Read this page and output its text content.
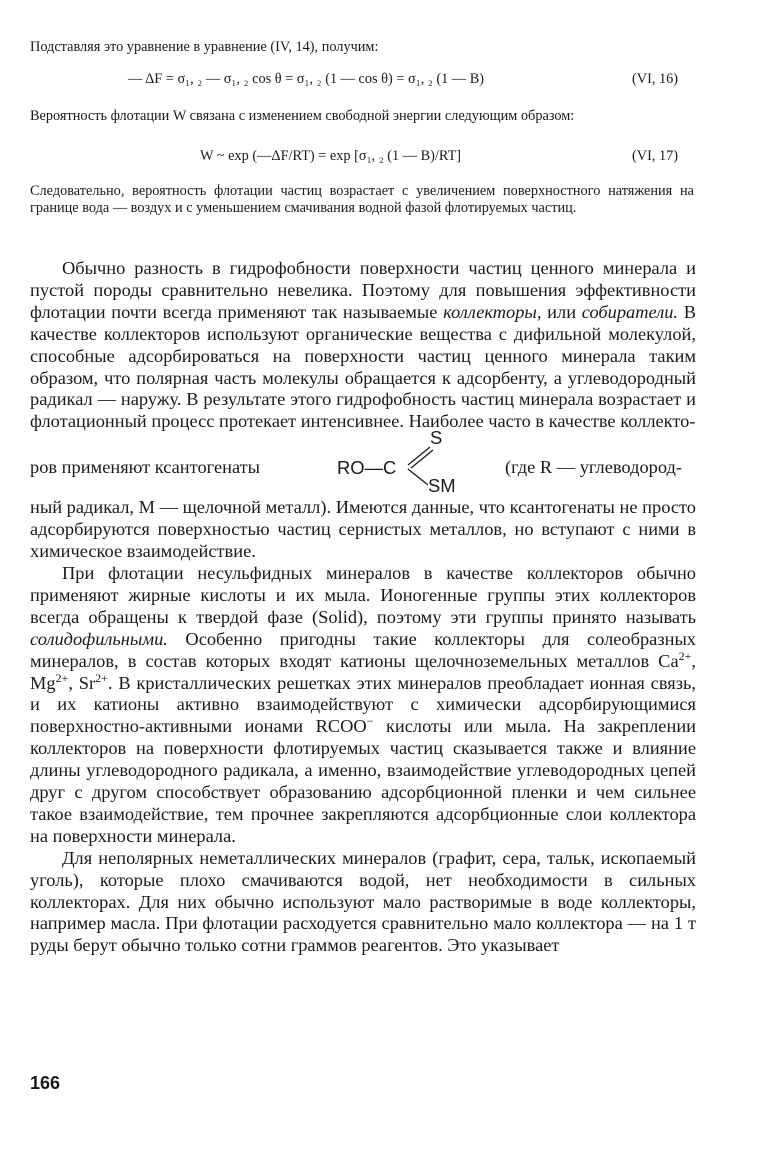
Подставляя это уравнение в уравнение (IV, 14), получим:

— ΔF = σ₁, ₂ — σ₁, ₂ cos θ = σ₁, ₂ (1 — cos θ) = σ₁, ₂ (1 — B)	(VI, 16)

Вероятность флотации W связана с изменением свободной энергии следующим образом:

W ~ exp (—ΔF/RT) = exp [σ₁, ₂ (1 — B)/RT]	(VI, 17)

Следовательно, вероятность флотации частиц возрастает с увеличением поверхностного натяжения на границе вода — воздух и с уменьшением смачивания водной фазой флотируемых частиц.

Обычно разность в гидрофобности поверхности частиц ценного минерала и пустой породы сравнительно невелика. Поэтому для повышения эффективности флотации почти всегда применяют так называемые коллекторы, или собиратели. В качестве коллекторов используют органические вещества с дифильной молекулой, способные адсорбироваться на поверхности частиц ценного минерала таким образом, что полярная часть молекулы обращается к адсорбенту, а углеводородный радикал — наружу. В результате этого гидрофобность частиц минерала возрастает и флотационный процесс протекает интенсивнее. Наиболее часто в качестве коллекто-

ров применяют ксантогенаты	RO—C
S
SM
(где R — углеводород-

ный радикал, M — щелочной металл). Имеются данные, что ксантогенаты не просто адсорбируются поверхностью частиц сернистых металлов, но вступают с ними в химическое взаимодействие.

При флотации несульфидных минералов в качестве коллекторов обычно применяют жирные кислоты и их мыла. Ионогенные группы этих коллекторов всегда обращены к твердой фазе (Solid), поэтому эти группы принято называть солидофильными. Особенно пригодны такие коллекторы для солеобразных минералов, в состав которых входят катионы щелочноземельных металлов $Ca^{2+}$, $Mg^{2+}$, $Sr^{2+}$. В кристаллических решетках этих минералов преобладает ионная связь, и их катионы активно взаимодействуют с химически адсорбирующимися поверхностно-активными ионами RCOO− кислоты или мыла. На закреплении коллекторов на поверхности флотируемых частиц сказывается также и влияние длины углеводородного радикала, а именно, взаимодействие углеводородных цепей друг с другом способствует образованию адсорбционной пленки и чем сильнее такое взаимодействие, тем прочнее закрепляются адсорбционные слои коллектора на поверхности минерала.

Для неполярных неметаллических минералов (графит, сера, тальк, ископаемый уголь), которые плохо смачиваются водой, нет необходимости в сильных коллекторах. Для них обычно используют мало растворимые в воде коллекторы, например масла. При флотации расходуется сравнительно мало коллектора — на 1 т руды берут обычно только сотни граммов реагентов. Это указывает

166
